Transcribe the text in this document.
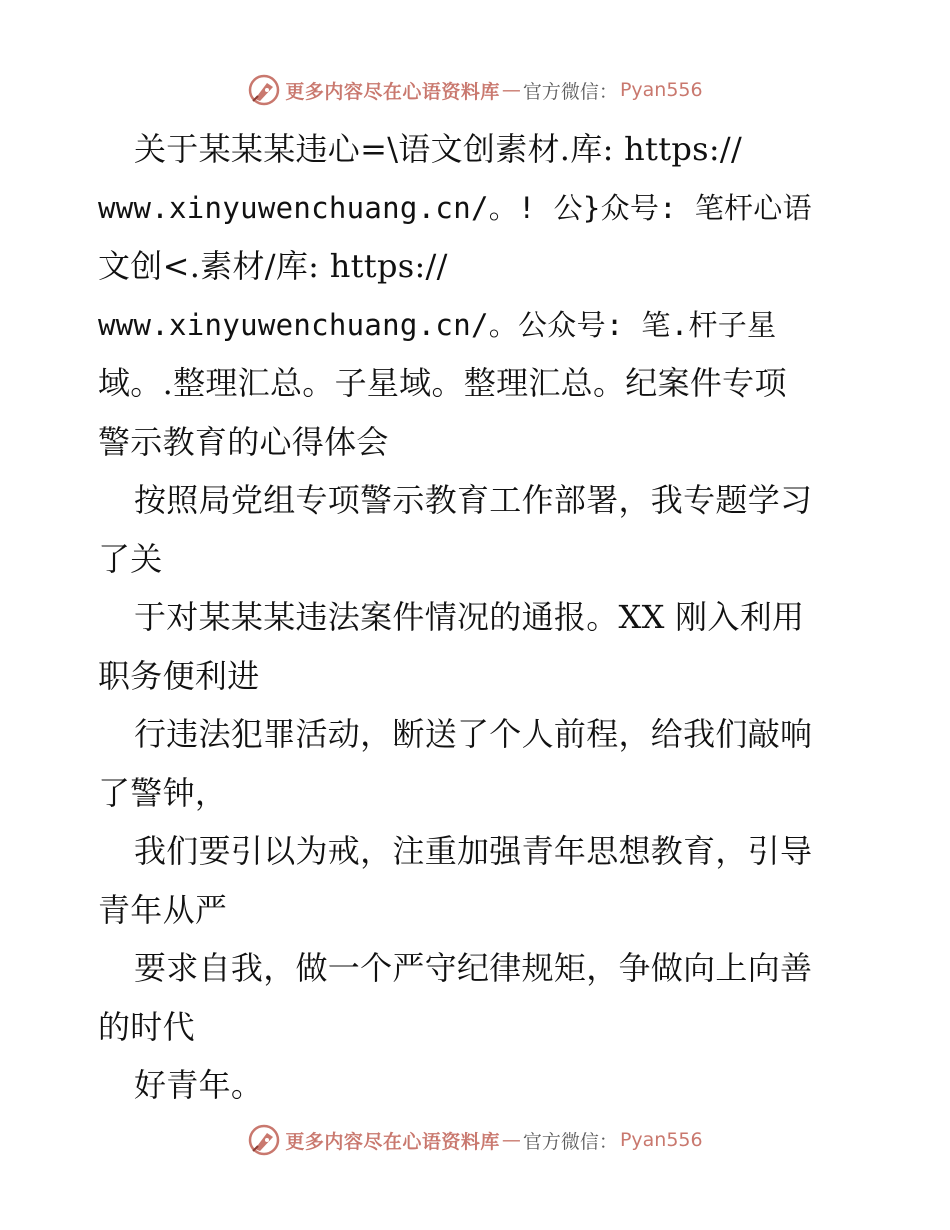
更多内容尽在心语资料库 — 官方微信： Pyan556
关于某某某违心=\语文创素材.库: https://
www.xinyuwenchuang.cn/。! 公}众号: 笔杆心语
文创<.素材/库: https://
www.xinyuwenchuang.cn/。公众号: 笔.杆子星
域。.整理汇总。子星域。整理汇总。纪案件专项
警示教育的心得体会
按照局党组专项警示教育工作部署，我专题学习
了关
于对某某某违法案件情况的通报。XX 刚入利用
职务便利进
行违法犯罪活动，断送了个人前程，给我们敲响
了警钟，
我们要引以为戒，注重加强青年思想教育，引导
青年从严
要求自我，做一个严守纪律规矩，争做向上向善
的时代
好青年。
更多内容尽在心语资料库 — 官方微信： Pyan556
